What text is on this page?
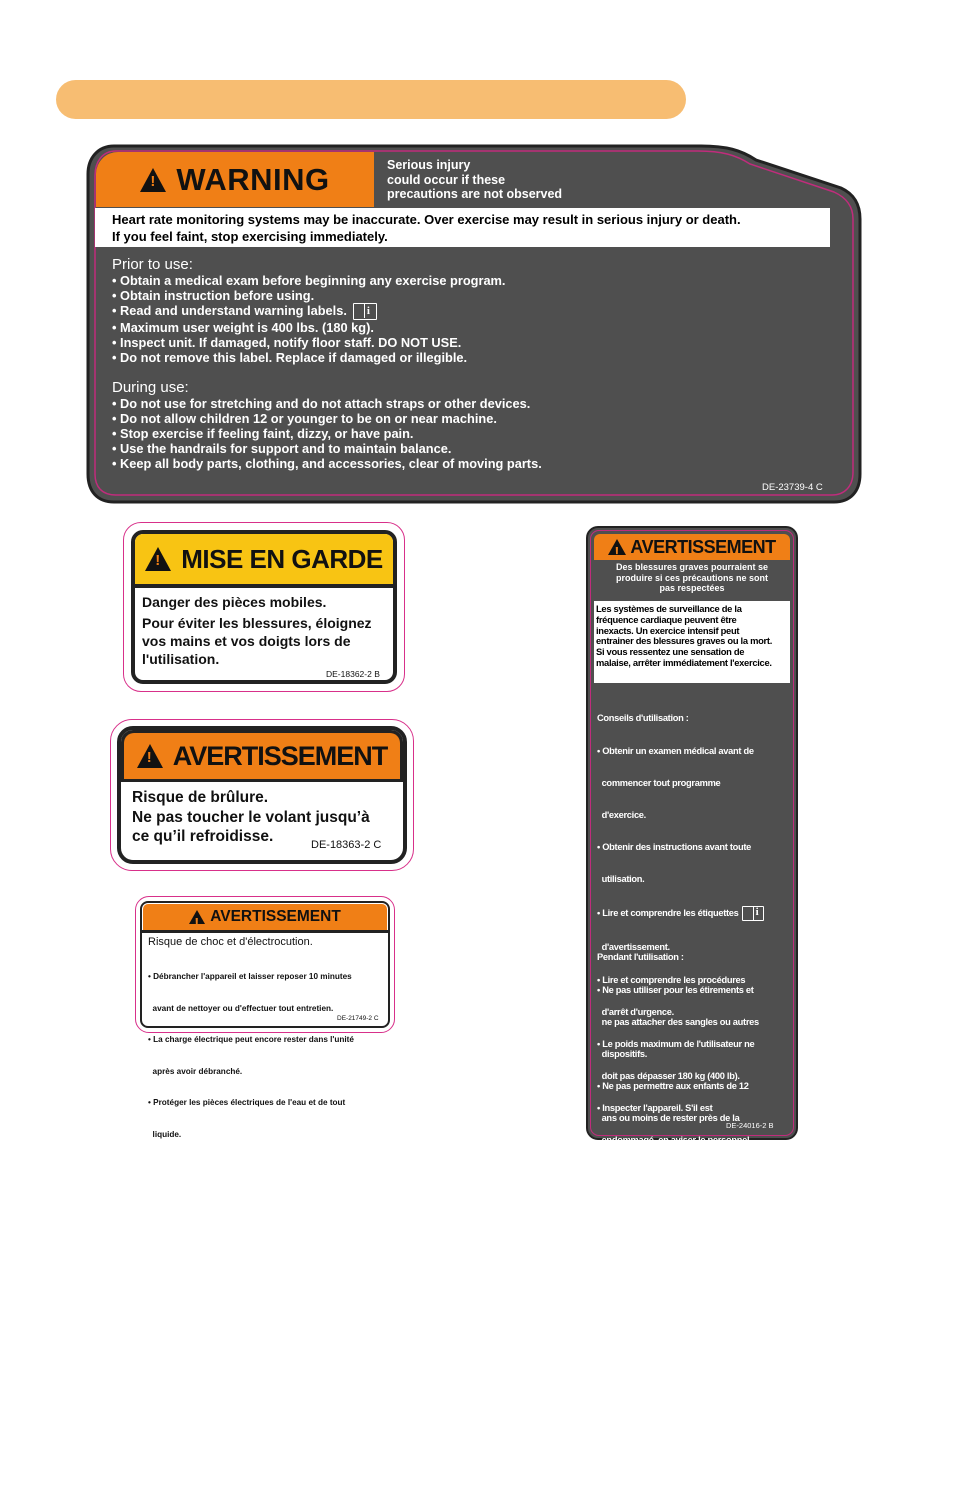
!
WARNING	Serious injury
could occur if these
precautions are not observed
Heart rate monitoring systems may be inaccurate. Over exercise may result in serious injury or death.
If you feel faint, stop exercising immediately.
Prior to use:
• Obtain a medical exam before beginning any exercise program.
• Obtain instruction before using.
• Read and understand warning labels.i
• Maximum user weight is 400 lbs. (180 kg).
• Inspect unit. If damaged, notify floor staff. DO NOT USE.
• Do not remove this label. Replace if damaged or illegible.
During use:
• Do not use for stretching and do not attach straps or other devices.
• Do not allow children 12 or younger to be on or near machine.
• Stop exercise if feeling faint, dizzy, or have pain.
• Use the handrails for support and to maintain balance.
• Keep all body parts, clothing, and accessories, clear of moving parts.
DE-23739-4 C
!
MISE EN GARDE
Danger des pièces mobiles.
Pour éviter les blessures, éloignez
vos mains et vos doigts lors de
l'utilisation.
DE-18362-2 B
!
AVERTISSEMENT
Risque de brûlure.
Ne pas toucher le volant jusqu’à
ce qu’il refroidisse.	DE-18363-2 C
!
AVERTISSEMENT
Risque de choc et d'électrocution.

• Débrancher l'appareil et laisser reposer 10 minutes

avant de nettoyer ou d'effectuer tout entretien.

• La charge électrique peut encore rester dans l'unité

après avoir débranché.

• Protéger les pièces électriques de l'eau et de tout

liquide.

DE-21749-2 C
!
AVERTISSEMENT
Des blessures graves pourraient se
produire si ces précautions ne sont
pas respectées
Les systèmes de surveillance de la
fréquence cardiaque peuvent être
inexacts. Un exercice intensif peut
entrainer des blessures graves ou la mort.
Si vous ressentez une sensation de
malaise, arrêter immédiatement l'exercice.

Conseils d'utilisation :

• Obtenir un examen médical avant de

commencer tout programme

d'exercice.

• Obtenir des instructions avant toute

utilisation.

• Lire et comprendre les étiquettes i

d'avertissement.

• Lire et comprendre les procédures

d'arrêt d'urgence.

• Le poids maximum de l'utilisateur ne

doit pas dépasser 180 kg (400 lb).

• Inspecter l'appareil. S'il est

endommagé, en aviser le personnel.

NE PAS UTILISER.

• Placer vos pieds sur les deux

premières marches lors du démarrage

ou de l'arrêt du tapis roulant.

• Clip E-STOP lanière aux vêtements.

• Ne pas enlever cette étiquette.

Remplacer si endommagé ou illisible.

Pendant l'utilisation :

• Ne pas utiliser pour les étirements et

ne pas attacher des sangles ou autres

dispositifs.

• Ne pas permettre aux enfants de 12

ans ou moins de rester près de la

machine.

• Arrêter l'exercice si vous ressentez une

faiblesse, un étourdissement ou une

douleur.

• Utiliser des rampes de soutien pour

maintenir l'équilibre.

• Garder votre corps, vos vêtements et

vos accessoires éloignés des pièces

mobiles.

• Attendre l'arrêt complet de la bande de

roulement avant de descendre.

DE-24016-2 B
